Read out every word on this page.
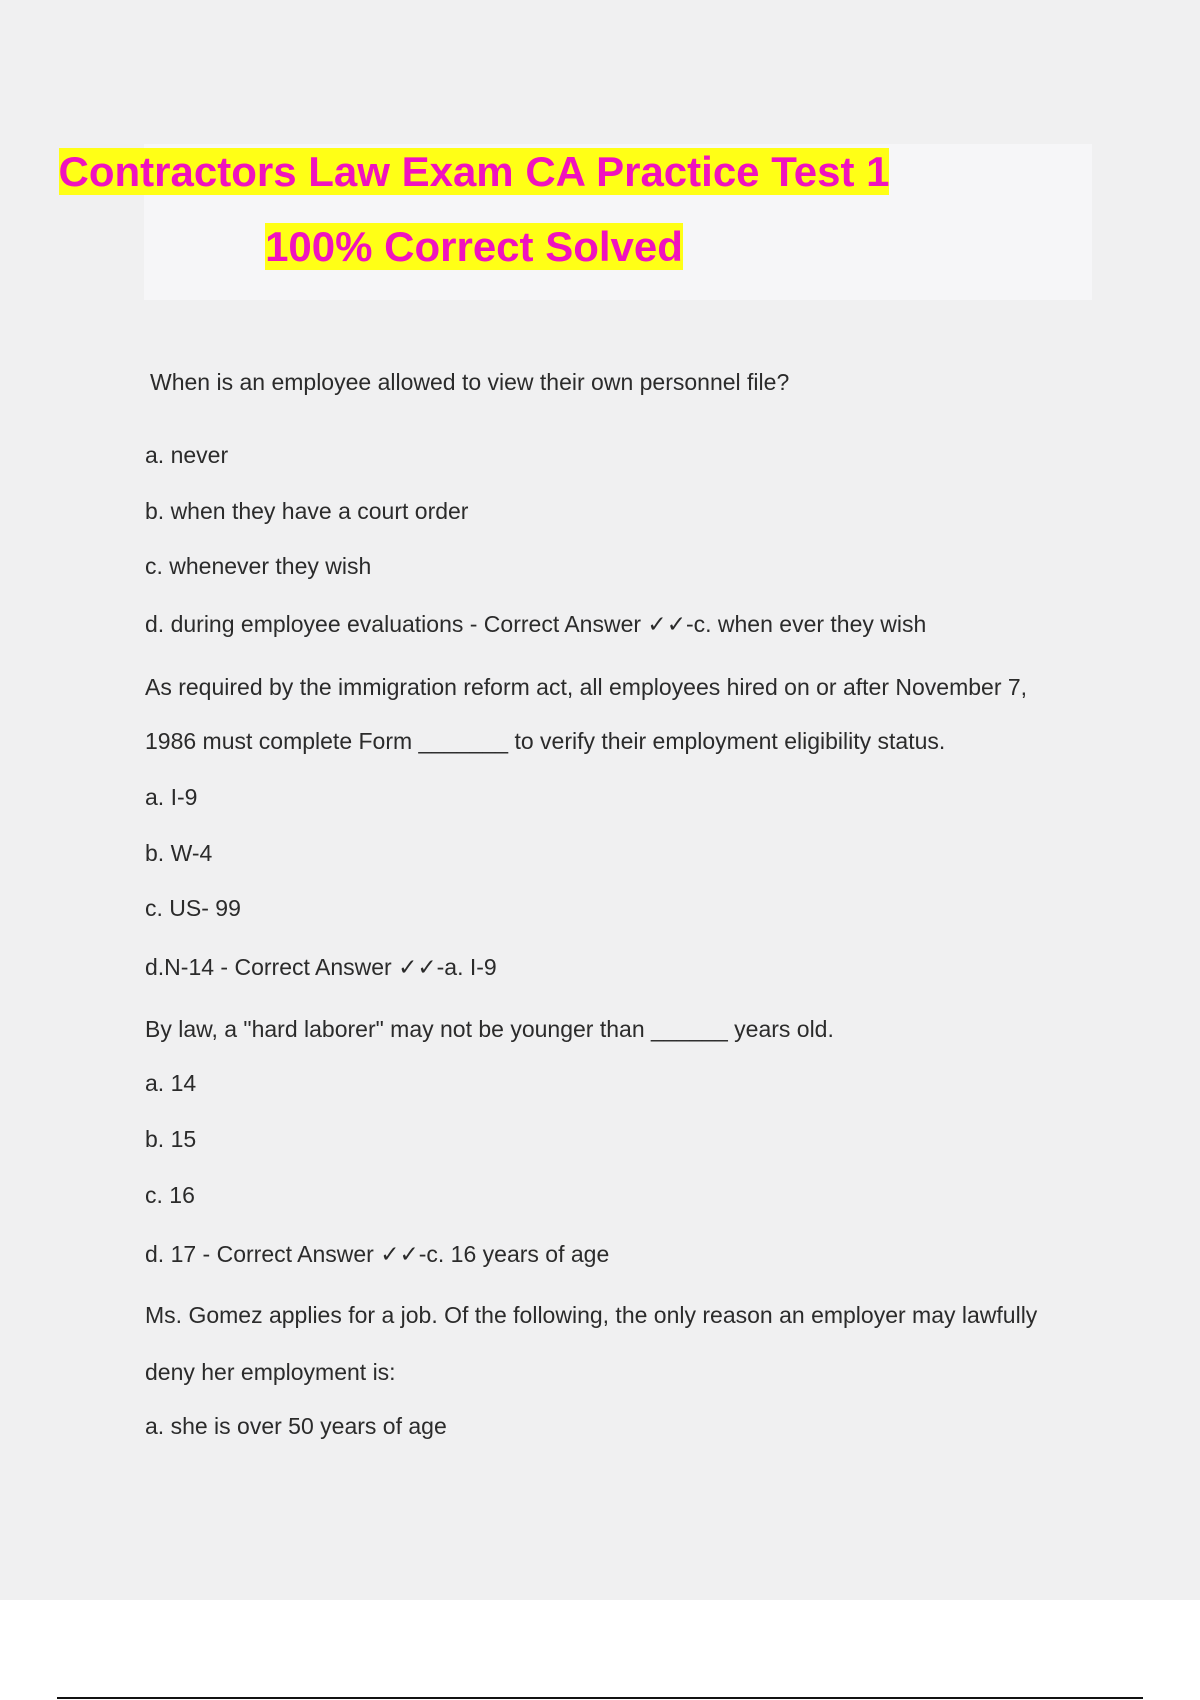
Contractors Law Exam CA Practice Test 1
100% Correct Solved
When is an employee allowed to view their own personnel file?
a. never
b. when they have a court order
c. whenever they wish
d. during employee evaluations - Correct Answer ✓✓-c. when ever they wish
As required by the immigration reform act, all employees hired on or after November 7,
1986 must complete Form _______ to verify their employment eligibility status.
a. I-9
b. W-4
c. US- 99
d.N-14 - Correct Answer ✓✓-a. I-9
By law, a "hard laborer" may not be younger than ______ years old.
a. 14
b. 15
c. 16
d. 17 - Correct Answer ✓✓-c. 16 years of age
Ms. Gomez applies for a job. Of the following, the only reason an employer may lawfully
deny her employment is:
a. she is over 50 years of age
